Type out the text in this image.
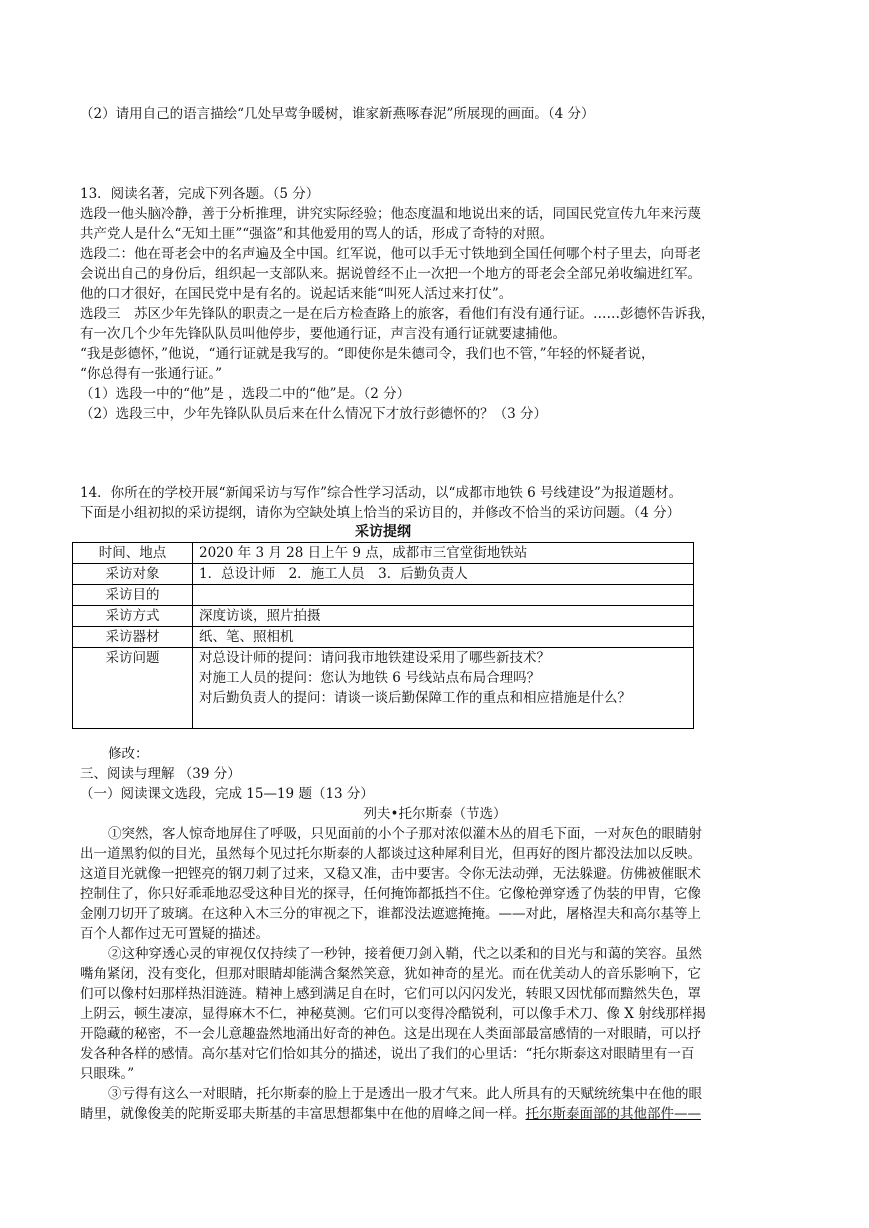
（2）请用自己的语言描绘“几处早莺争暖树，谁家新燕啄春泥”所展现的画面。（4 分）
13．阅读名著，完成下列各题。（5 分）
选段一他头脑冷静，善于分析推理，讲究实际经验；他态度温和地说出来的话，同国民党宣传九年来污蔑
共产党人是什么“无知土匪”“强盗”和其他爱用的骂人的话，形成了奇特的对照。
选段二：他在哥老会中的名声遍及全中国。红军说，他可以手无寸铁地到全国任何哪个村子里去，向哥老
会说出自己的身份后，组织起一支部队来。据说曾经不止一次把一个地方的哥老会全部兄弟收编进红军。
他的口才很好，在国民党中是有名的。说起话来能“叫死人活过来打仗”。
选段三　苏区少年先锋队的职责之一是在后方检查路上的旅客，看他们有没有通行证。……彭德怀告诉我，
有一次几个少年先锋队队员叫他停步，要他通行证，声言没有通行证就要逮捕他。
“我是彭德怀，”他说，“通行证就是我写的。“即使你是朱德司令，我们也不管，”年轻的怀疑者说，
“你总得有一张通行证。”
（1）选段一中的“他”是 ，选段二中的“他”是。（2 分）
（2）选段三中，少年先锋队队员后来在什么情况下才放行彭德怀的？（3 分）
14．你所在的学校开展“新闻采访与写作”综合性学习活动，以“成都市地铁 6 号线建设”为报道题材。
下面是小组初拟的采访提纲，请你为空缺处填上恰当的采访目的，并修改不恰当的采访问题。（4 分）
采访提纲
时间、地点	2020 年 3 月 28 日上午 9 点，成都市三官堂街地铁站
采访对象	1．总设计师　2．施工人员　3．后勤负责人
采访目的	
采访方式	深度访谈，照片拍摄
采访器材	纸、笔、照相机
采访问题	对总设计师的提问：请问我市地铁建设采用了哪些新技术？
对施工人员的提问：您认为地铁 6 号线站点布局合理吗？
对后勤负责人的提问：请谈一谈后勤保障工作的重点和相应措施是什么？
修改：
三、阅读与理解 （39 分）
（一）阅读课文选段，完成 15—19 题（13 分）
列夫•托尔斯泰（节选）
①突然，客人惊奇地屏住了呼吸，只见面前的小个子那对浓似灌木丛的眉毛下面，一对灰色的眼睛射
出一道黑豹似的目光，虽然每个见过托尔斯泰的人都谈过这种犀利目光，但再好的图片都没法加以反映。
这道目光就像一把铿亮的钢刀刺了过来，又稳又准，击中要害。令你无法动弹，无法躲避。仿佛被催眠术
控制住了，你只好乖乖地忍受这种目光的探寻，任何掩饰都抵挡不住。它像枪弹穿透了伪装的甲胄，它像
金刚刀切开了玻璃。在这种入木三分的审视之下，谁都没法遮遮掩掩。——对此，屠格涅夫和高尔基等上
百个人都作过无可置疑的描述。
②这种穿透心灵的审视仅仅持续了一秒钟，接着便刀剑入鞘，代之以柔和的目光与和蔼的笑容。虽然
嘴角紧闭，没有变化，但那对眼睛却能满含粲然笑意，犹如神奇的星光。而在优美动人的音乐影响下，它
们可以像村妇那样热泪涟涟。精神上感到满足自在时，它们可以闪闪发光，转眼又因忧郁而黯然失色，罩
上阴云，顿生凄凉，显得麻木不仁，神秘莫测。它们可以变得冷酷锐利，可以像手术刀、像 X 射线那样揭
开隐藏的秘密，不一会儿意趣盎然地涌出好奇的神色。这是出现在人类面部最富感情的一对眼睛，可以抒
发各种各样的感情。高尔基对它们恰如其分的描述，说出了我们的心里话：“托尔斯泰这对眼睛里有一百
只眼珠。”
③亏得有这么一对眼睛，托尔斯泰的脸上于是透出一股才气来。此人所具有的天赋统统集中在他的眼
睛里，就像俊美的陀斯妥耶夫斯基的丰富思想都集中在他的眉峰之间一样。托尔斯泰面部的其他部件——
